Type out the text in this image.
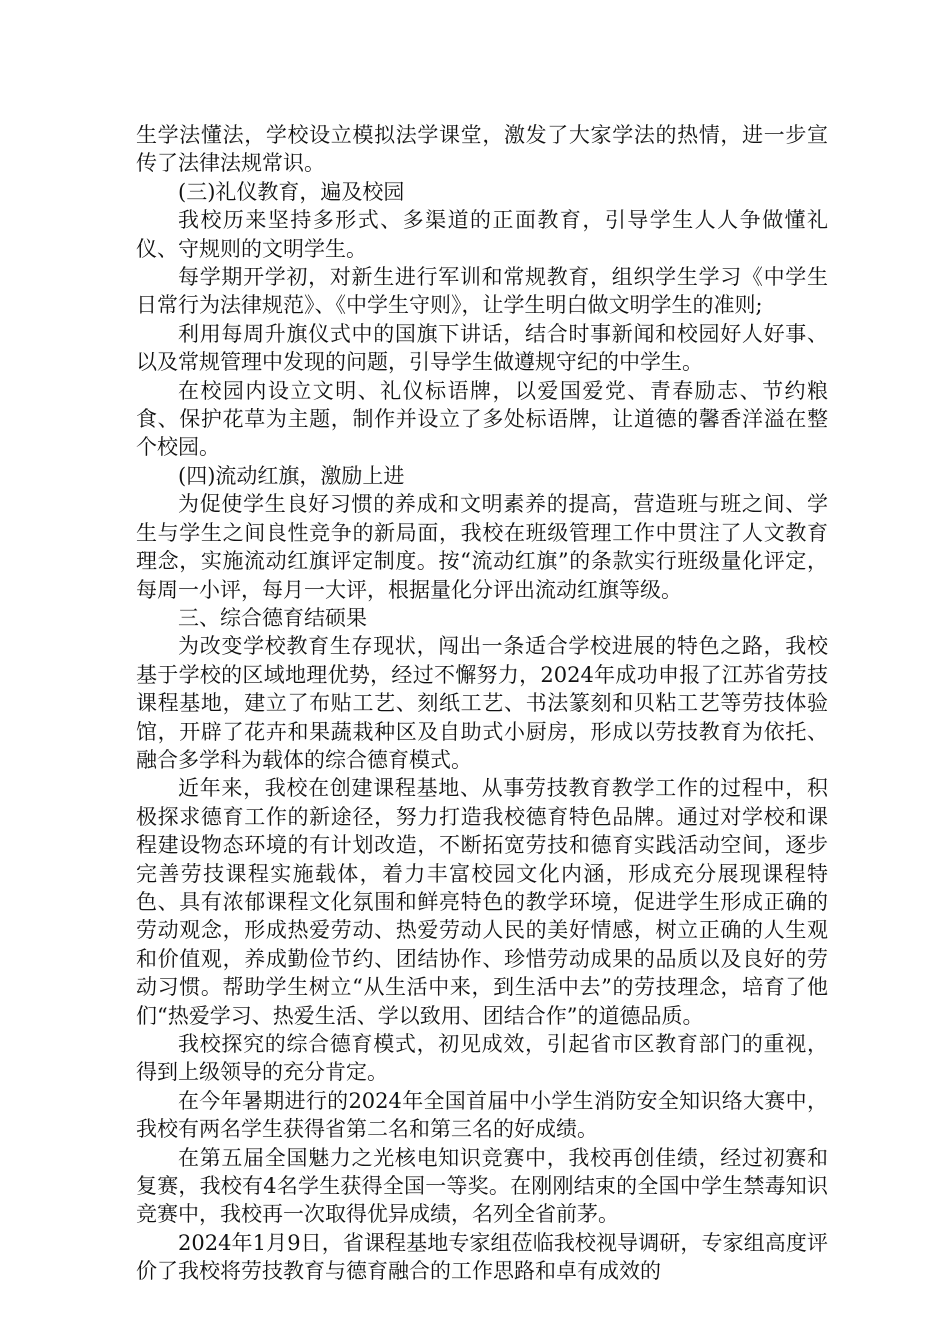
生学法懂法，学校设立模拟法学课堂，激发了大家学法的热情，进一步宣传了法律法规常识。

(三)礼仪教育，遍及校园

我校历来坚持多形式、多渠道的正面教育，引导学生人人争做懂礼仪、守规则的文明学生。

每学期开学初，对新生进行军训和常规教育，组织学生学习《中学生日常行为法律规范》、《中学生守则》，让学生明白做文明学生的准则;

利用每周升旗仪式中的国旗下讲话，结合时事新闻和校园好人好事、以及常规管理中发现的问题，引导学生做遵规守纪的中学生。

在校园内设立文明、礼仪标语牌，以爱国爱党、青春励志、节约粮食、保护花草为主题，制作并设立了多处标语牌，让道德的馨香洋溢在整个校园。

(四)流动红旗，激励上进

为促使学生良好习惯的养成和文明素养的提高，营造班与班之间、学生与学生之间良性竞争的新局面，我校在班级管理工作中贯注了人文教育理念，实施流动红旗评定制度。按“流动红旗”的条款实行班级量化评定，每周一小评，每月一大评，根据量化分评出流动红旗等级。

三、综合德育结硕果

为改变学校教育生存现状，闯出一条适合学校进展的特色之路，我校基于学校的区域地理优势，经过不懈努力，2024年成功申报了江苏省劳技课程基地，建立了布贴工艺、刻纸工艺、书法篆刻和贝粘工艺等劳技体验馆，开辟了花卉和果蔬栽种区及自助式小厨房，形成以劳技教育为依托、融合多学科为载体的综合德育模式。

近年来，我校在创建课程基地、从事劳技教育教学工作的过程中，积极探求德育工作的新途径，努力打造我校德育特色品牌。通过对学校和课程建设物态环境的有计划改造，不断拓宽劳技和德育实践活动空间，逐步完善劳技课程实施载体，着力丰富校园文化内涵，形成充分展现课程特色、具有浓郁课程文化氛围和鲜亮特色的教学环境，促进学生形成正确的劳动观念，形成热爱劳动、热爱劳动人民的美好情感，树立正确的人生观和价值观，养成勤俭节约、团结协作、珍惜劳动成果的品质以及良好的劳动习惯。帮助学生树立“从生活中来，到生活中去”的劳技理念，培育了他们“热爱学习、热爱生活、学以致用、团结合作”的道德品质。

我校探究的综合德育模式，初见成效，引起省市区教育部门的重视，得到上级领导的充分肯定。

在今年暑期进行的2024年全国首届中小学生消防安全知识络大赛中，我校有两名学生获得省第二名和第三名的好成绩。

在第五届全国魅力之光核电知识竞赛中，我校再创佳绩，经过初赛和复赛，我校有4名学生获得全国一等奖。在刚刚结束的全国中学生禁毒知识竞赛中，我校再一次取得优异成绩，名列全省前茅。

2024年1月9日，省课程基地专家组莅临我校视导调研，专家组高度评价了我校将劳技教育与德育融合的工作思路和卓有成效的
